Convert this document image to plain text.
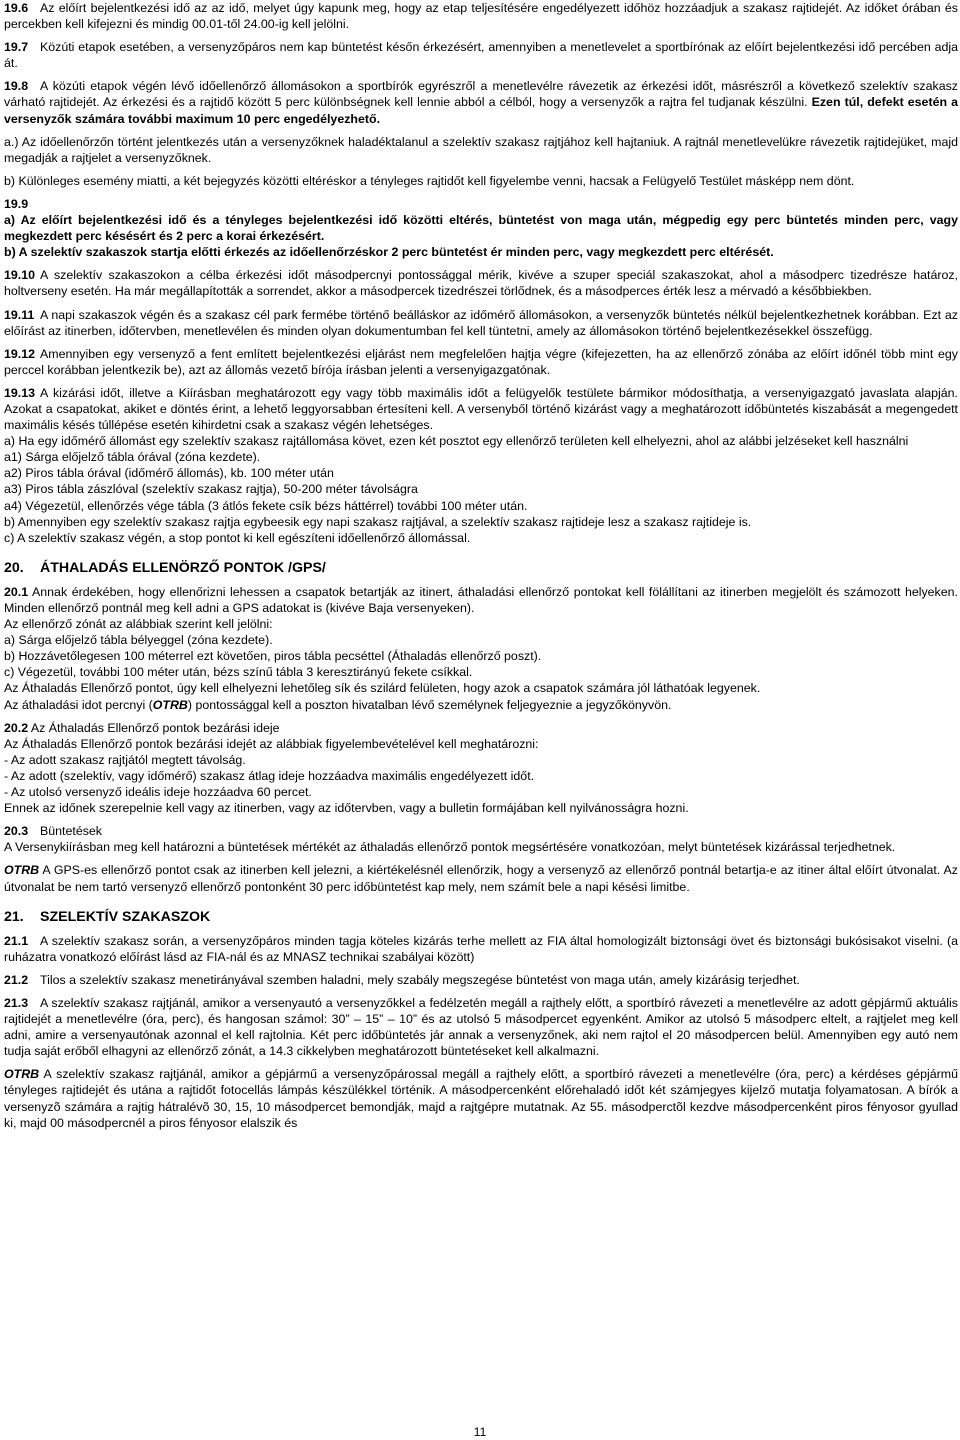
19.6 Az előírt bejelentkezési idő az az idő, melyet úgy kapunk meg, hogy az etap teljesítésére engedélyezett időhöz hozzáadjuk a szakasz rajtidejét. Az időket órában és percekben kell kifejezni és mindig 00.01-től 24.00-ig kell jelölni.

19.7 Közúti etapok esetében, a versenyzőpáros nem kap büntetést későn érkezésért, amennyiben a menetlevelet a sportbírónak az előírt bejelentkezési idő percében adja át.

19.8 A közúti etapok végén lévő időellenőrző állomásokon a sportbírók egyrészről a menetlevélre rávezetik az érkezési időt, másrészről a következő szelektív szakasz várható rajtidejét. Az érkezési és a rajtidő között 5 perc különbségnek kell lennie abból a célból, hogy a versenyzők a rajtra fel tudjanak készülni. Ezen túl, defekt esetén a versenyzők számára további maximum 10 perc engedélyezhető.

a.) Az időellenőrzőn történt jelentkezés után a versenyzőknek haladéktalanul a szelektív szakasz rajtjához kell hajtaniuk. A rajtnál menetlevelükre rávezetik rajtidejüket, majd megadják a rajtjelet a versenyzőknek.

b) Különleges esemény miatti, a két bejegyzés közötti eltéréskor a tényleges rajtidőt kell figyelembe venni, hacsak a Felügyelő Testület másképp nem dönt.

19.9

a) Az előírt bejelentkezési idő és a tényleges bejelentkezési idő közötti eltérés, büntetést von maga után, mégpedig egy perc büntetés minden perc, vagy megkezdett perc késésért és 2 perc a korai érkezésért.

b) A szelektív szakaszok startja előtti érkezés az időellenőrzéskor 2 perc büntetést ér minden perc, vagy megkezdett perc eltérését.

19.10 A szelektív szakaszokon a célba érkezési időt másodpercnyi pontossággal mérik, kivéve a szuper speciál szakaszokat, ahol a másodperc tizedrésze határoz, holtverseny esetén. Ha már megállapították a sorrendet, akkor a másodpercek tizedrészei törlődnek, és a másodperces érték lesz a mérvadó a későbbiekben.

19.11 A napi szakaszok végén és a szakasz cél park fermébe történő beálláskor az időmérő állomásokon, a versenyzők büntetés nélkül bejelentkezhetnek korábban. Ezt az előírást az itinerben, időtervben, menetlevélen és minden olyan dokumentumban fel kell tüntetni, amely az állomásokon történő bejelentkezésekkel összefügg.

19.12 Amennyiben egy versenyző a fent említett bejelentkezési eljárást nem megfelelően hajtja végre (kifejezetten, ha az ellenőrző zónába az előírt időnél több mint egy perccel korábban jelentkezik be), azt az állomás vezető bírója írásban jelenti a versenyigazgatónak.

19.13 A kizárási időt, illetve a Kiírásban meghatározott egy vagy több maximális időt a felügyelők testülete bármikor módosíthatja, a versenyigazgató javaslata alapján. Azokat a csapatokat, akiket e döntés érint, a lehető leggyorsabban értesíteni kell. A versenyből történő kizárást vagy a meghatározott időbüntetés kiszabását a megengedett maximális késés túllépése esetén kihirdetni csak a szakasz végén lehetséges.

a) Ha egy időmérő állomást egy szelektív szakasz rajtállomása követ, ezen két posztot egy ellenőrző területen kell elhelyezni, ahol az alábbi jelzéseket kell használni

a1) Sárga előjelző tábla órával (zóna kezdete).

a2) Piros tábla órával (időmérő állomás), kb. 100 méter után

a3) Piros tábla zászlóval (szelektív szakasz rajtja), 50-200 méter távolságra

a4) Végezetül, ellenőrzés vége tábla (3 átlós fekete csík bézs háttérrel) további 100 méter után.

b) Amennyiben egy szelektív szakasz rajtja egybeesik egy napi szakasz rajtjával, a szelektív szakasz rajtideje lesz a szakasz rajtideje is.

c) A szelektív szakasz végén, a stop pontot ki kell egészíteni időellenőrző állomással.

20. ÁTHALADÁS ELLENÖRZŐ PONTOK /GPS/

20.1 Annak érdekében, hogy ellenőrizni lehessen a csapatok betartják az itinert, áthaladási ellenőrző pontokat kell fölállítani az itinerben megjelölt és számozott helyeken. Minden ellenőrző pontnál meg kell adni a GPS adatokat is (kivéve Baja versenyeken).

Az ellenőrző zónát az alábbiak szerint kell jelölni:

a) Sárga előjelző tábla bélyeggel (zóna kezdete).

b) Hozzávetőlegesen 100 méterrel ezt követően, piros tábla pecséttel (Áthaladás ellenőrző poszt).

c) Végezetül, további 100 méter után, bézs színű tábla 3 keresztirányú fekete csíkkal.

Az Áthaladás Ellenőrző pontot, úgy kell elhelyezni lehetőleg sík és szilárd felületen, hogy azok a csapatok számára jól láthatóak legyenek.

Az áthaladási idot percnyi (OTRB) pontossággal kell a poszton hivatalban lévő személynek feljegyeznie a jegyzőkönyvön.

20.2 Az Áthaladás Ellenőrző pontok bezárási ideje

Az Áthaladás Ellenőrző pontok bezárási idejét az alábbiak figyelembevételével kell meghatározni:

- Az adott szakasz rajtjától megtett távolság.

- Az adott (szelektív, vagy időmérő) szakasz átlag ideje hozzáadva maximális engedélyezett időt.

- Az utolsó versenyző ideális ideje hozzáadva 60 percet.

Ennek az időnek szerepelnie kell vagy az itinerben, vagy az időtervben, vagy a bulletin formájában kell nyilvánosságra hozni.

20.3 Büntetések

A Versenykiírásban meg kell határozni a büntetések mértékét az áthaladás ellenőrző pontok megsértésére vonatkozóan, melyt büntetések kizárással terjedhetnek.

OTRB A GPS-es ellenőrző pontot csak az itinerben kell jelezni, a kiértékelésnél ellenőrzik, hogy a versenyző az ellenőrző pontnál betartja-e az itiner által előírt útvonalat. Az útvonalat be nem tartó versenyző ellenőrző pontonként 30 perc időbüntetést kap mely, nem számít bele a napi késési limitbe.

21. SZELEKTÍV SZAKASZOK

21.1 A szelektív szakasz során, a versenyzőpáros minden tagja köteles kizárás terhe mellett az FIA által homologizált biztonsági övet és biztonsági bukósisakot viselni. (a ruházatra vonatkozó előírást lásd az FIA-nál és az MNASZ technikai szabályai között)

21.2 Tilos a szelektív szakasz menetirányával szemben haladni, mely szabály megszegése büntetést von maga után, amely kizárásig terjedhet.

21.3 A szelektív szakasz rajtjánál, amikor a versenyautó a versenyzőkkel a fedélzetén megáll a rajthely előtt, a sportbíró rávezeti a menetlevélre az adott gépjármű aktuális rajtidejét a menetlevélre (óra, perc), és hangosan számol: 30” – 15” – 10” és az utolsó 5 másodpercet egyenként. Amikor az utolsó 5 másodperc eltelt, a rajtjelet meg kell adni, amire a versenyautónak azonnal el kell rajtolnia. Két perc időbüntetés jár annak a versenyzőnek, aki nem rajtol el 20 másodpercen belül. Amennyiben egy autó nem tudja saját erőből elhagyni az ellenőrző zónát, a 14.3 cikkelyben meghatározott büntetéseket kell alkalmazni.

OTRB A szelektív szakasz rajtjánál, amikor a gépjármű a versenyzőpárossal megáll a rajthely előtt, a sportbíró rávezeti a menetlevélre (óra, perc) a kérdéses gépjármű tényleges rajtidejét és utána a rajtidőt fotocellás lámpás készülékkel történik. A másodpercenként előrehaladó időt két számjegyes kijelző mutatja folyamatosan. A bírók a versenyzõ számára a rajtig hátralévõ 30, 15, 10 másodpercet bemondják, majd a rajtgépre mutatnak. Az 55. másodperctõl kezdve másodpercenként piros fényosor gyullad ki, majd 00 másodpercnél a piros fényosor elalszik és

11
